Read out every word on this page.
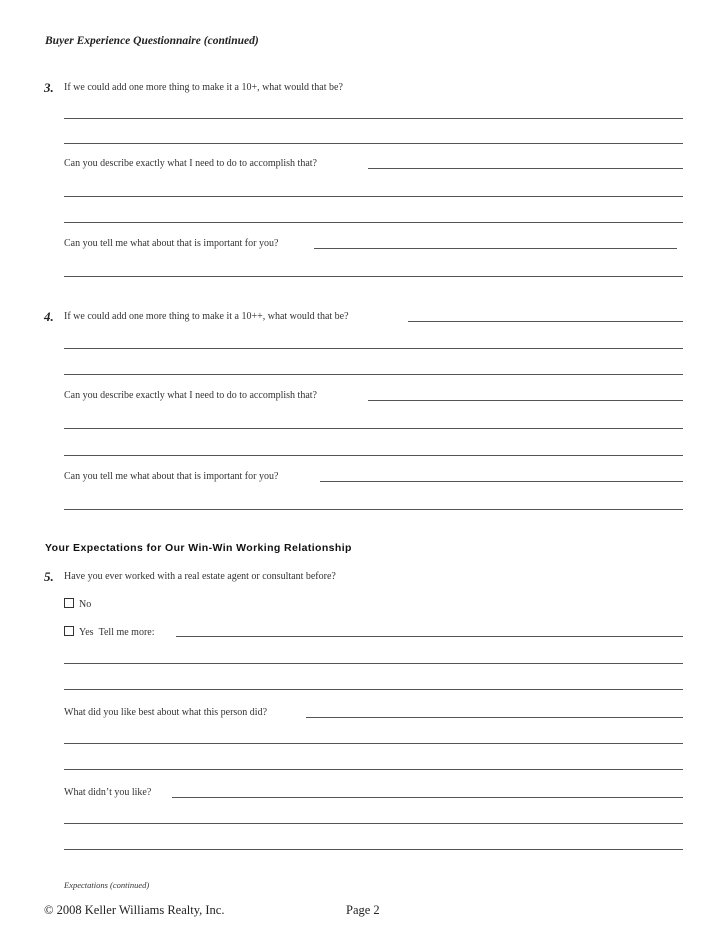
Buyer Experience Questionnaire (continued)
3. If we could add one more thing to make it a 10+, what would that be?
Can you describe exactly what I need to do to accomplish that?
Can you tell me what about that is important for you?
4. If we could add one more thing to make it a 10++, what would that be?
Can you describe exactly what I need to do to accomplish that?
Can you tell me what about that is important for you?
Your Expectations for Our Win-Win Working Relationship
5. Have you ever worked with a real estate agent or consultant before?
No
Yes Tell me more:
What did you like best about what this person did?
What didn’t you like?
Expectations (continued)
© 2008 Keller Williams Realty, Inc.	Page 2
